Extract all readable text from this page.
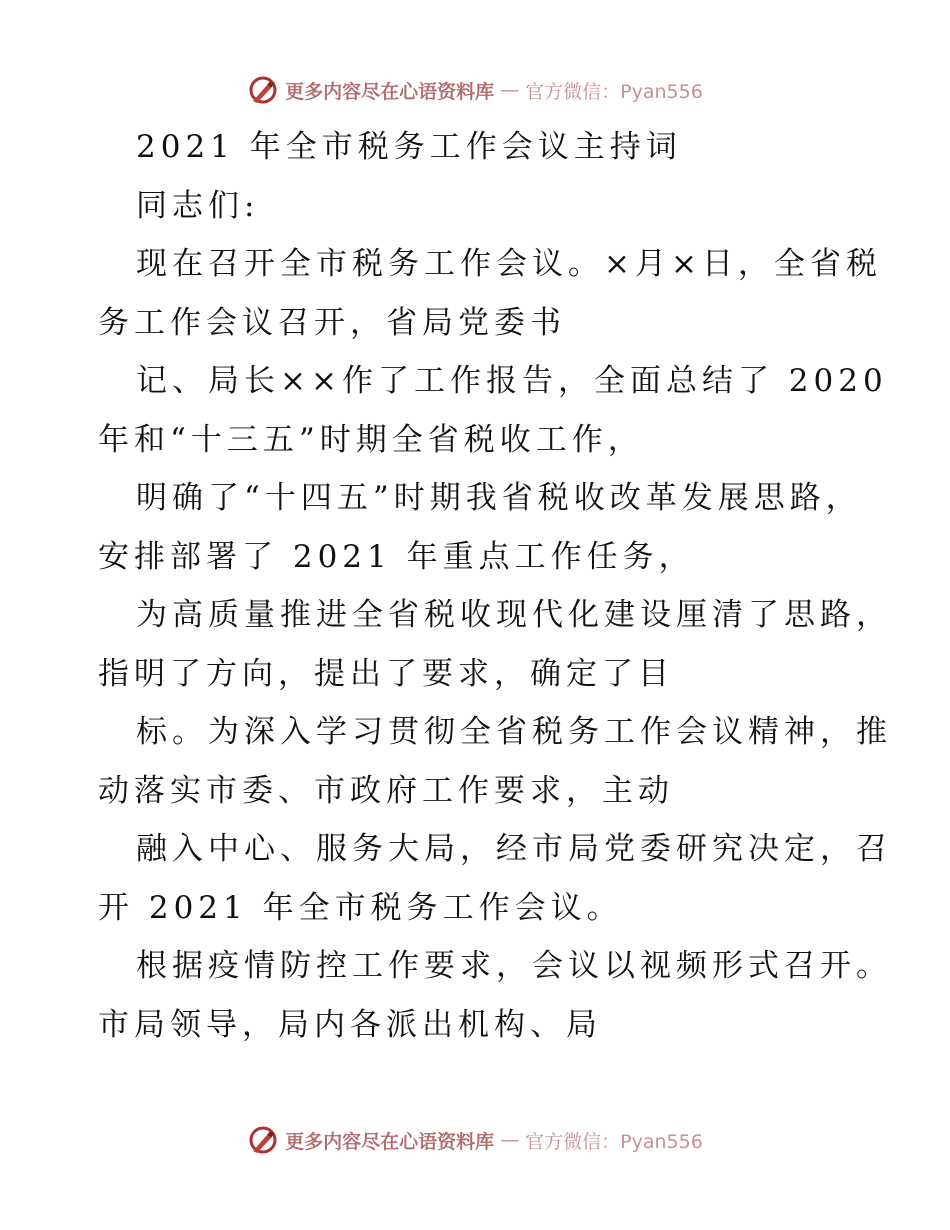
更多内容尽在心语资料库 — 官方微信：Pyan556
2021 年全市税务工作会议主持词
同志们:
现在召开全市税务工作会议。×月×日，全省税
务工作会议召开，省局党委书
记、局长××作了工作报告，全面总结了 2020
年和“十三五”时期全省税收工作，
明确了“十四五”时期我省税收改革发展思路，
安排部署了 2021 年重点工作任务，
为高质量推进全省税收现代化建设厘清了思路，
指明了方向，提出了要求，确定了目
标。为深入学习贯彻全省税务工作会议精神，推
动落实市委、市政府工作要求，主动
融入中心、服务大局，经市局党委研究决定，召
开 2021 年全市税务工作会议。
根据疫情防控工作要求，会议以视频形式召开。
市局领导，局内各派出机构、局
更多内容尽在心语资料库 — 官方微信：Pyan556
